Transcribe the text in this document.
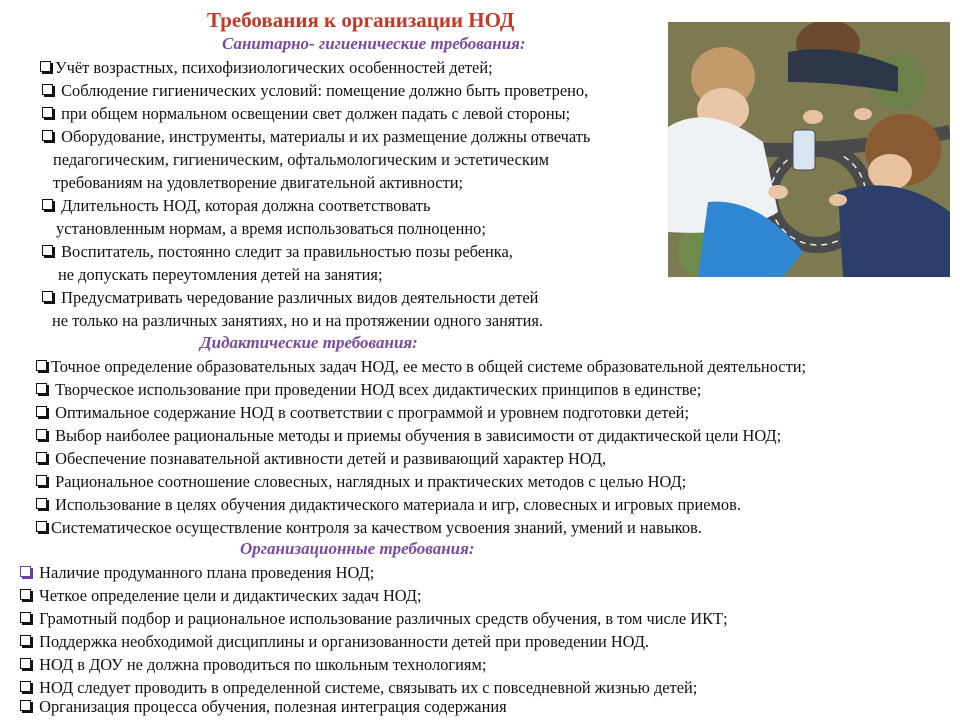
Требования к организации НОД
Санитарно- гигиенические требования:
Учёт возрастных, психофизиологических особенностей детей;
Соблюдение гигиенических условий: помещение должно быть проветрено,
при общем нормальном освещении свет должен падать с левой стороны;
Оборудование, инструменты, материалы и их размещение должны отвечать
педагогическим, гигиеническим, офтальмологическим и эстетическим
требованиям на удовлетворение двигательной активности;
Длительность НОД, которая должна соответствовать
установленным нормам, а время использоваться полноценно;
Воспитатель, постоянно следит за правильностью позы ребенка,
не допускать переутомления детей на занятия;
Предусматривать чередование различных видов деятельности детей
не только на различных занятиях, но и на протяжении одного занятия.
Дидактические требования:
Точное определение образовательных задач НОД, ее место в общей системе образовательной деятельности;
Творческое использование при проведении НОД всех дидактических принципов в единстве;
Оптимальное содержание НОД в соответствии с программой и уровнем подготовки детей;
Выбор наиболее рациональные методы и приемы обучения в зависимости от дидактической цели НОД;
Обеспечение познавательной активности детей и развивающий характер НОД,
Рациональное соотношение словесных, наглядных и практических методов с целью НОД;
Использование в целях обучения дидактического материала и игр, словесных и игровых приемов.
Систематическое осуществление контроля за качеством усвоения знаний, умений и навыков.
Организационные требования:
Наличие продуманного плана проведения НОД;
Четкое определение цели и дидактических задач НОД;
Грамотный подбор и рациональное использование различных средств обучения, в том числе ИКТ;
Поддержка необходимой дисциплины и организованности детей при проведении НОД.
НОД в ДОУ не должна проводиться по школьным технологиям;
НОД следует проводить в определенной системе, связывать их с повседневной жизнью детей;
Организация процесса обучения, полезная интеграция содержания
